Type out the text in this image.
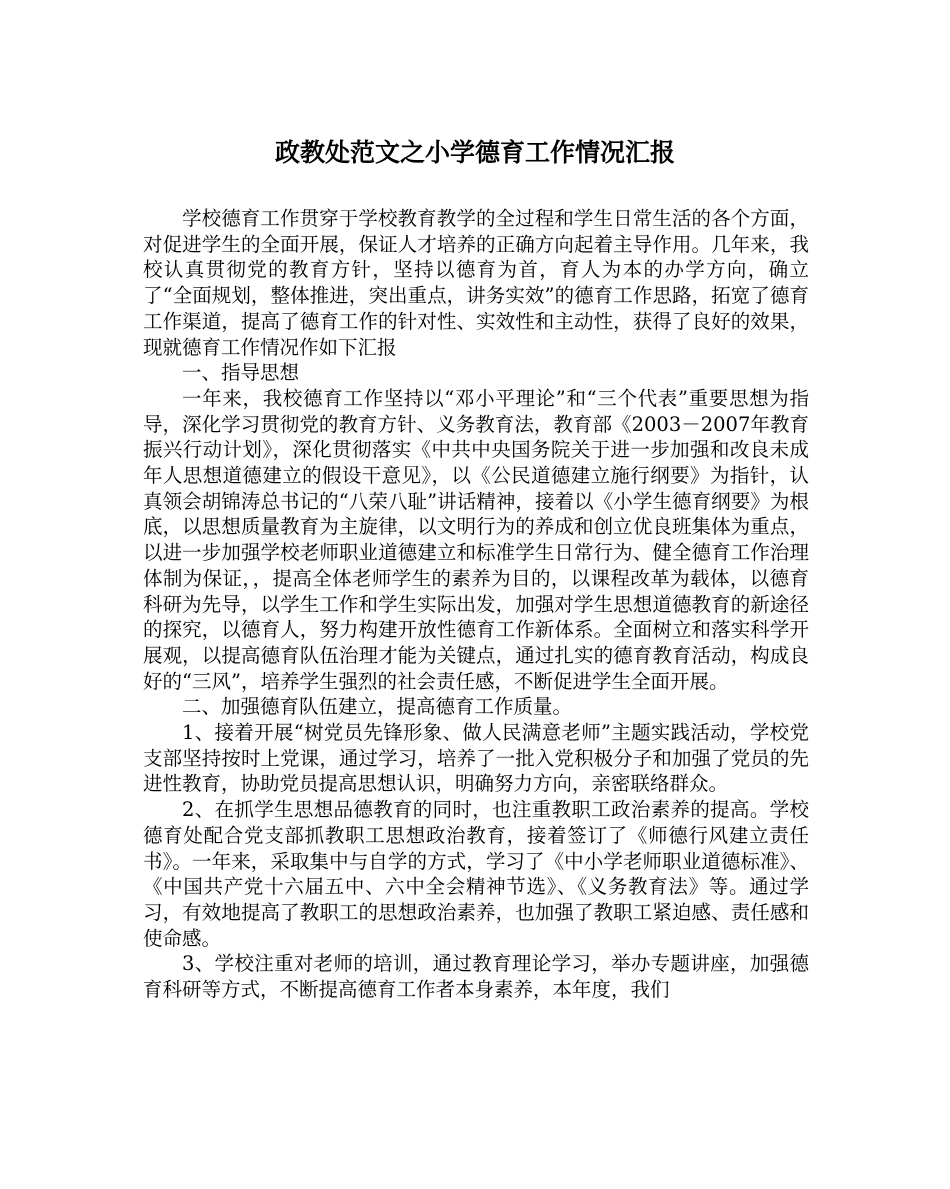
政教处范文之小学德育工作情况汇报

学校德育工作贯穿于学校教育教学的全过程和学生日常生活的各个方面，对促进学生的全面开展，保证人才培养的正确方向起着主导作用。几年来，我校认真贯彻党的教育方针，坚持以德育为首，育人为本的办学方向，确立了“全面规划，整体推进，突出重点，讲务实效”的德育工作思路，拓宽了德育工作渠道，提高了德育工作的针对性、实效性和主动性，获得了良好的效果，现就德育工作情况作如下汇报

一、指导思想

一年来，我校德育工作坚持以“邓小平理论”和“三个代表”重要思想为指导，深化学习贯彻党的教育方针、义务教育法，教育部《2003－2007年教育振兴行动计划》，深化贯彻落实《中共中央国务院关于进一步加强和改良未成年人思想道德建立的假设干意见》，以《公民道德建立施行纲要》为指针，认真领会胡锦涛总书记的“八荣八耻”讲话精神，接着以《小学生德育纲要》为根底，以思想质量教育为主旋律，以文明行为的养成和创立优良班集体为重点，以进一步加强学校老师职业道德建立和标准学生日常行为、健全德育工作治理体制为保证，，提高全体老师学生的素养为目的，以课程改革为载体，以德育科研为先导，以学生工作和学生实际出发，加强对学生思想道德教育的新途径的探究，以德育人，努力构建开放性德育工作新体系。全面树立和落实科学开展观，以提高德育队伍治理才能为关键点，通过扎实的德育教育活动，构成良好的“三风”，培养学生强烈的社会责任感，不断促进学生全面开展。

二、加强德育队伍建立，提高德育工作质量。

1、接着开展“树党员先锋形象、做人民满意老师”主题实践活动，学校党支部坚持按时上党课，通过学习，培养了一批入党积极分子和加强了党员的先进性教育，协助党员提高思想认识，明确努力方向，亲密联络群众。

2、在抓学生思想品德教育的同时，也注重教职工政治素养的提高。学校德育处配合党支部抓教职工思想政治教育，接着签订了《师德行风建立责任书》。一年来，采取集中与自学的方式，学习了《中小学老师职业道德标准》、《中国共产党十六届五中、六中全会精神节选》、《义务教育法》等。通过学习，有效地提高了教职工的思想政治素养，也加强了教职工紧迫感、责任感和使命感。

3、学校注重对老师的培训，通过教育理论学习，举办专题讲座，加强德育科研等方式，不断提高德育工作者本身素养，本年度，我们
